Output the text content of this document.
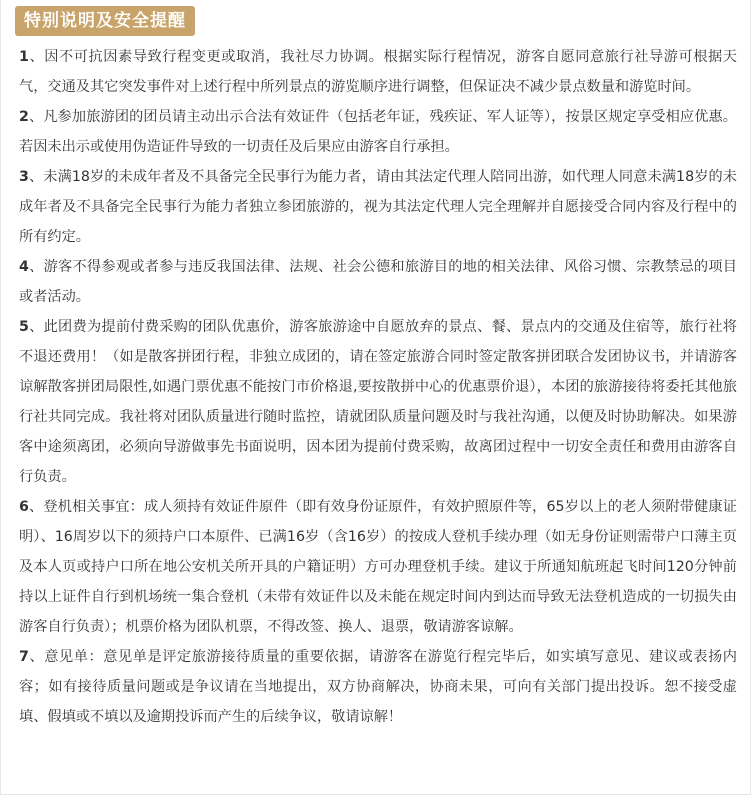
特别说明及安全提醒

1、因不可抗因素导致行程变更或取消，我社尽力协调。根据实际行程情况，游客自愿同意旅行社导游可根据天气，交通及其它突发事件对上述行程中所列景点的游览顺序进行调整，但保证决不减少景点数量和游览时间。

2、凡参加旅游团的团员请主动出示合法有效证件（包括老年证，残疾证、军人证等），按景区规定享受相应优惠。若因未出示或使用伪造证件导致的一切责任及后果应由游客自行承担。

3、未满18岁的未成年者及不具备完全民事行为能力者，请由其法定代理人陪同出游，如代理人同意未满18岁的未成年者及不具备完全民事行为能力者独立参团旅游的，视为其法定代理人完全理解并自愿接受合同内容及行程中的所有约定。

4、游客不得参观或者参与违反我国法律、法规、社会公德和旅游目的地的相关法律、风俗习惯、宗教禁忌的项目或者活动。

5、此团费为提前付费采购的团队优惠价，游客旅游途中自愿放弃的景点、餐、景点内的交通及住宿等，旅行社将不退还费用！（如是散客拼团行程，非独立成团的，请在签定旅游合同时签定散客拼团联合发团协议书，并请游客谅解散客拼团局限性,如遇门票优惠不能按门市价格退,要按散拼中心的优惠票价退），本团的旅游接待将委托其他旅行社共同完成。我社将对团队质量进行随时监控，请就团队质量问题及时与我社沟通，以便及时协助解决。如果游客中途须离团，必须向导游做事先书面说明，因本团为提前付费采购，故离团过程中一切安全责任和费用由游客自行负责。

6、登机相关事宜：成人须持有效证件原件（即有效身份证原件，有效护照原件等，65岁以上的老人须附带健康证明）、16周岁以下的须持户口本原件、已满16岁（含16岁）的按成人登机手续办理（如无身份证则需带户口薄主页及本人页或持户口所在地公安机关所开具的户籍证明）方可办理登机手续。建议于所通知航班起飞时间120分钟前持以上证件自行到机场统一集合登机（未带有效证件以及未能在规定时间内到达而导致无法登机造成的一切损失由游客自行负责）；机票价格为团队机票，不得改签、换人、退票，敬请游客谅解。

7、意见单：意见单是评定旅游接待质量的重要依据，请游客在游览行程完毕后，如实填写意见、建议或表扬内容；如有接待质量问题或是争议请在当地提出，双方协商解决，协商未果，可向有关部门提出投诉。恕不接受虚填、假填或不填以及逾期投诉而产生的后续争议，敬请谅解！
